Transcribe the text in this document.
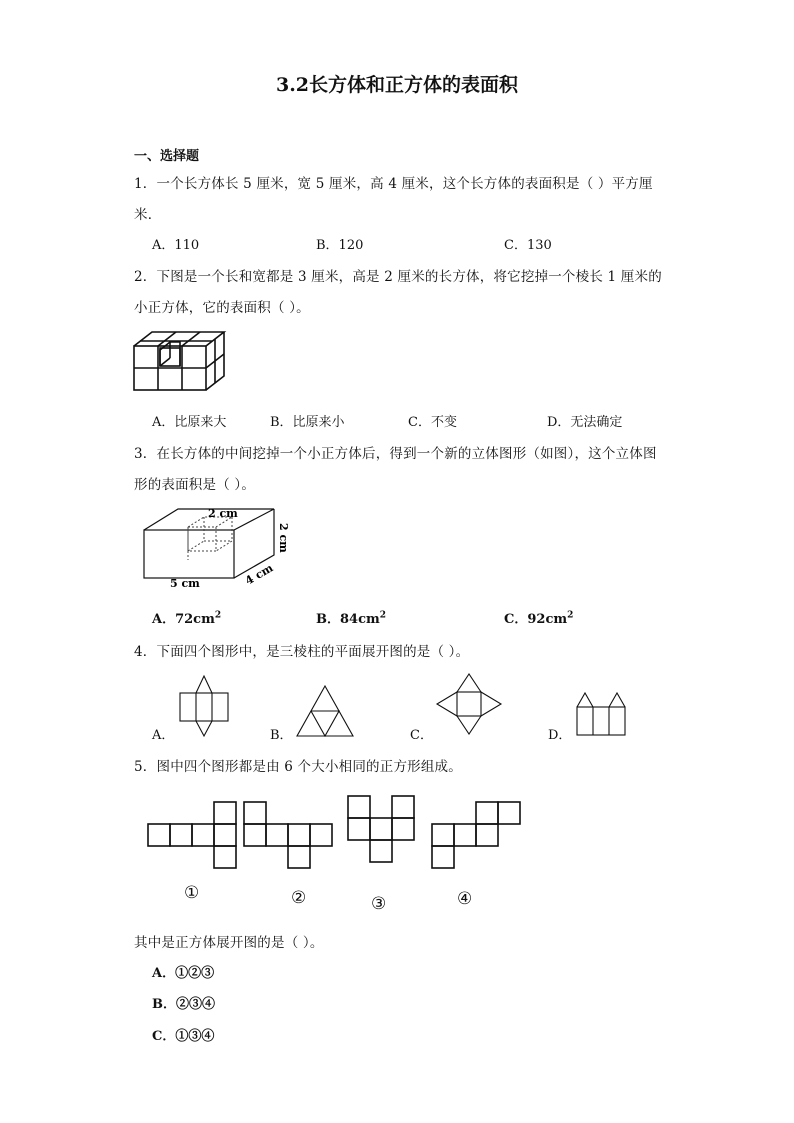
3.2长方体和正方体的表面积
一、选择题
1．一个长方体长 5 厘米，宽 5 厘米，高 4 厘米，这个长方体的表面积是（ ）平方厘
米．
A．110	B．120	C．130
2．下图是一个长和宽都是 3 厘米，高是 2 厘米的长方体，将它挖掉一个棱长 1 厘米的
小正方体，它的表面积（ ）。
A．比原来大	B．比原来小	C．不变	D．无法确定
3．在长方体的中间挖掉一个小正方体后，得到一个新的立体图形（如图），这个立体图
形的表面积是（ ）。
2 cm
2 cm
5 cm	4 cm
A．$72cm^2$	B．$84cm^2$	C．$92cm^2$
4．下面四个图形中，是三棱柱的平面展开图的是（ ）。
A．	B．	C．	D．
5．图中四个图形都是由 6 个大小相同的正方形组成。
①	②	③	④
其中是正方体展开图的是（ ）。
A．①②③
B．②③④
C．①③④
